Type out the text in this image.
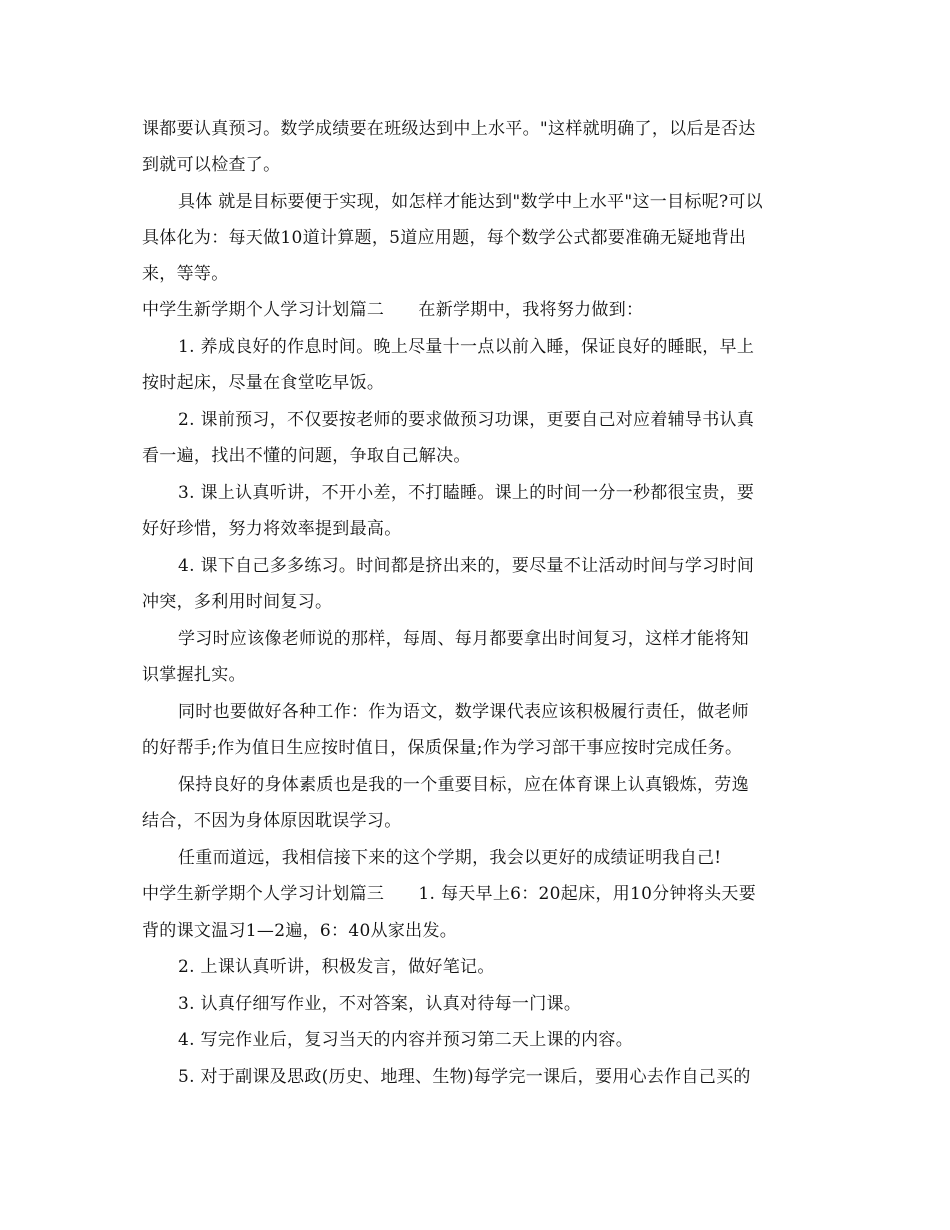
课都要认真预习。数学成绩要在班级达到中上水平。"这样就明确了，以后是否达

到就可以检查了。

具体 就是目标要便于实现，如怎样才能达到"数学中上水平"这一目标呢?可以

具体化为：每天做10道计算题，5道应用题，每个数学公式都要准确无疑地背出

来，等等。

中学生新学期个人学习计划篇二      在新学期中，我将努力做到：

1. 养成良好的作息时间。晚上尽量十一点以前入睡，保证良好的睡眠，早上

按时起床，尽量在食堂吃早饭。

2. 课前预习，不仅要按老师的要求做预习功课，更要自己对应着辅导书认真

看一遍，找出不懂的问题，争取自己解决。

3. 课上认真听讲，不开小差，不打瞌睡。课上的时间一分一秒都很宝贵，要

好好珍惜，努力将效率提到最高。

4. 课下自己多多练习。时间都是挤出来的，要尽量不让活动时间与学习时间

冲突，多利用时间复习。

学习时应该像老师说的那样，每周、每月都要拿出时间复习，这样才能将知

识掌握扎实。

同时也要做好各种工作：作为语文，数学课代表应该积极履行责任，做老师

的好帮手;作为值日生应按时值日，保质保量;作为学习部干事应按时完成任务。

保持良好的身体素质也是我的一个重要目标，应在体育课上认真锻炼，劳逸

结合，不因为身体原因耽误学习。

任重而道远，我相信接下来的这个学期，我会以更好的成绩证明我自己!

中学生新学期个人学习计划篇三      1. 每天早上6：20起床，用10分钟将头天要

背的课文温习1—2遍，6：40从家出发。

2. 上课认真听讲，积极发言，做好笔记。

3. 认真仔细写作业，不对答案，认真对待每一门课。

4. 写完作业后，复习当天的内容并预习第二天上课的内容。

5. 对于副课及思政(历史、地理、生物)每学完一课后，要用心去作自己买的
